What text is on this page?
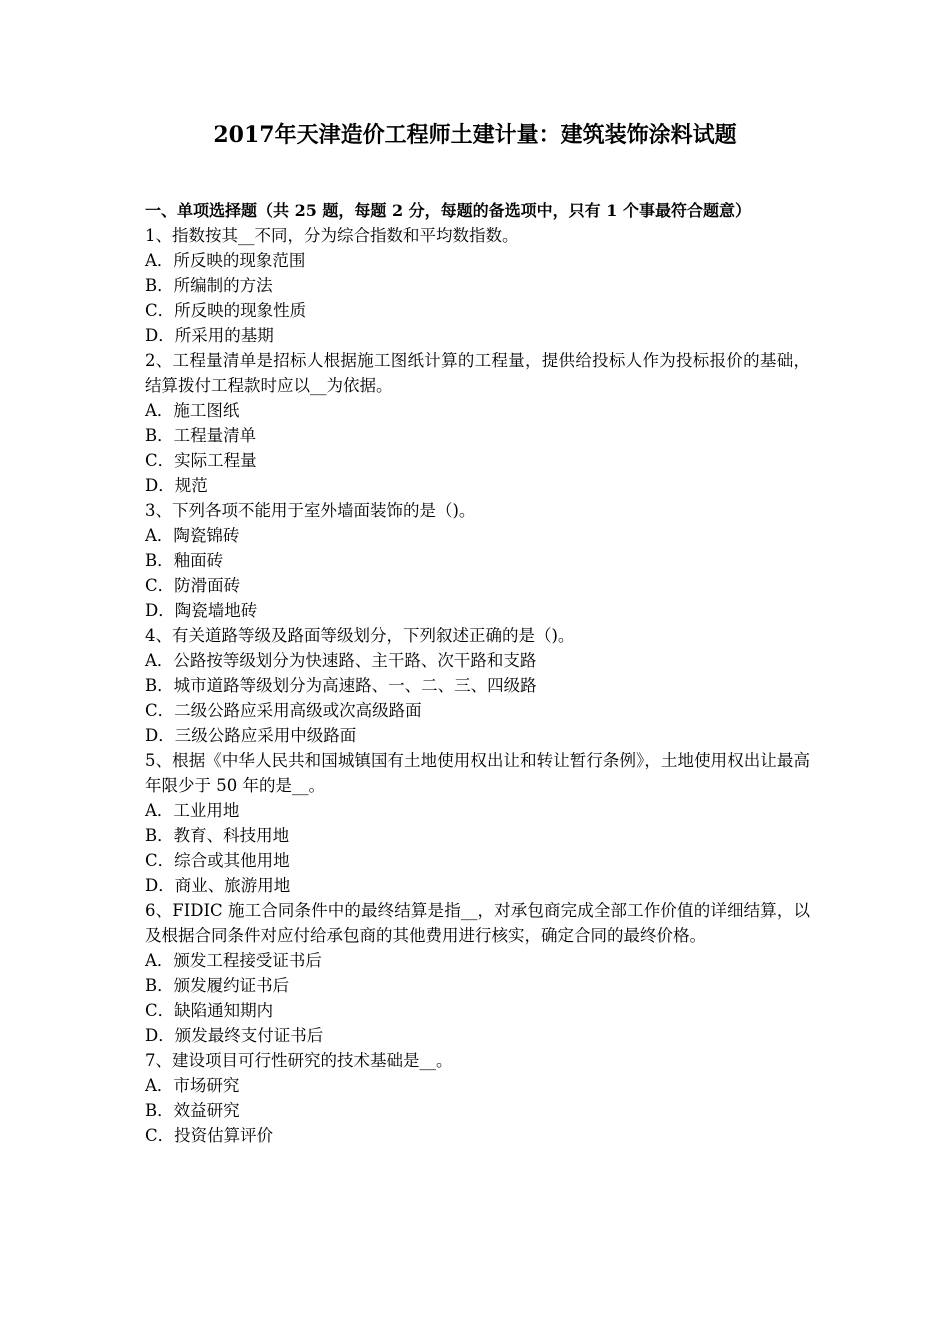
2017年天津造价工程师土建计量：建筑装饰涂料试题

一、单项选择题（共 25 题，每题 2 分，每题的备选项中，只有 1 个事最符合题意）

1、指数按其__不同，分为综合指数和平均数指数。

A．所反映的现象范围

B．所编制的方法

C．所反映的现象性质

D．所采用的基期

2、工程量清单是招标人根据施工图纸计算的工程量，提供给投标人作为投标报价的基础，结算拨付工程款时应以__为依据。

A．施工图纸

B．工程量清单

C．实际工程量

D．规范

3、下列各项不能用于室外墙面装饰的是（)。

A．陶瓷锦砖

B．釉面砖

C．防滑面砖

D．陶瓷墙地砖

4、有关道路等级及路面等级划分，下列叙述正确的是（)。

A．公路按等级划分为快速路、主干路、次干路和支路

B．城市道路等级划分为高速路、一、二、三、四级路

C．二级公路应采用高级或次高级路面

D．三级公路应采用中级路面

5、根据《中华人民共和国城镇国有土地使用权出让和转让暂行条例》，土地使用权出让最高年限少于 50 年的是__。

A．工业用地

B．教育、科技用地

C．综合或其他用地

D．商业、旅游用地

6、FIDIC 施工合同条件中的最终结算是指__，对承包商完成全部工作价值的详细结算，以及根据合同条件对应付给承包商的其他费用进行核实，确定合同的最终价格。

A．颁发工程接受证书后

B．颁发履约证书后

C．缺陷通知期内

D．颁发最终支付证书后

7、建设项目可行性研究的技术基础是__。

A．市场研究

B．效益研究

C．投资估算评价
